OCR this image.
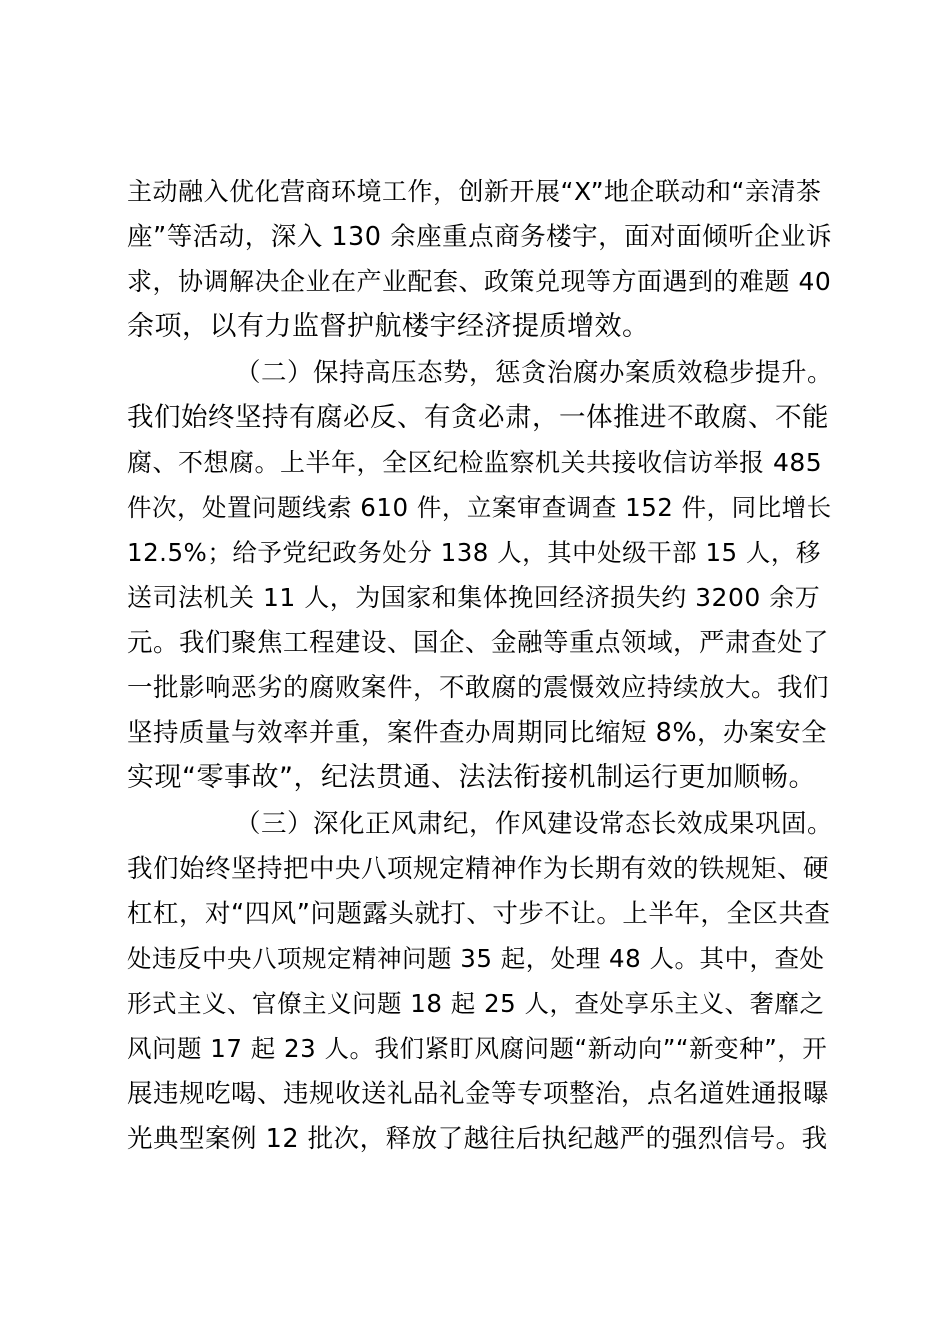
主动融入优化营商环境工作，创新开展“X”地企联动和“亲清茶
座”等活动，深入 130 余座重点商务楼宇，面对面倾听企业诉
求，协调解决企业在产业配套、政策兑现等方面遇到的难题 40
余项，以有力监督护航楼宇经济提质增效。
（二）保持高压态势，惩贪治腐办案质效稳步提升。
我们始终坚持有腐必反、有贪必肃，一体推进不敢腐、不能
腐、不想腐。上半年，全区纪检监察机关共接收信访举报 485
件次，处置问题线索 610 件，立案审查调查 152 件，同比增长
12.5%；给予党纪政务处分 138 人，其中处级干部 15 人，移
送司法机关 11 人，为国家和集体挽回经济损失约 3200 余万
元。我们聚焦工程建设、国企、金融等重点领域，严肃查处了
一批影响恶劣的腐败案件，不敢腐的震慑效应持续放大。我们
坚持质量与效率并重，案件查办周期同比缩短 8%，办案安全
实现“零事故”，纪法贯通、法法衔接机制运行更加顺畅。
（三）深化正风肃纪，作风建设常态长效成果巩固。
我们始终坚持把中央八项规定精神作为长期有效的铁规矩、硬
杠杠，对“四风”问题露头就打、寸步不让。上半年，全区共查
处违反中央八项规定精神问题 35 起，处理 48 人。其中，查处
形式主义、官僚主义问题 18 起 25 人，查处享乐主义、奢靡之
风问题 17 起 23 人。我们紧盯风腐问题“新动向”“新变种”，开
展违规吃喝、违规收送礼品礼金等专项整治，点名道姓通报曝
光典型案例 12 批次，释放了越往后执纪越严的强烈信号。我
